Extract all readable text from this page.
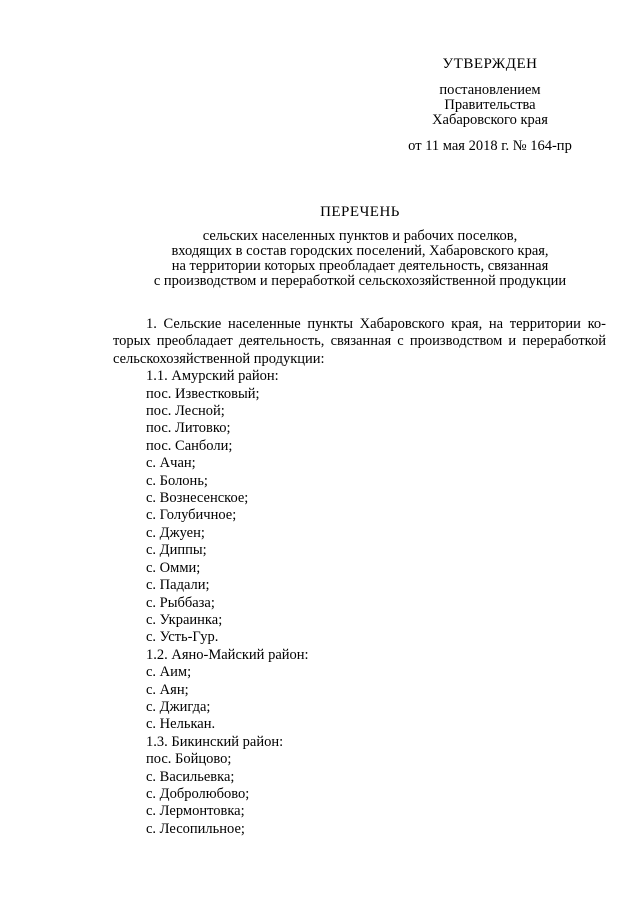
УТВЕРЖДЕН
постановлением
Правительства
Хабаровского края
от 11 мая 2018 г. № 164-пр
ПЕРЕЧЕНЬ
сельских населенных пунктов и рабочих поселков,
входящих в состав городских поселений, Хабаровского края,
на территории которых преобладает деятельность, связанная
с производством и переработкой сельскохозяйственной продукции
1. Сельские населенные пункты Хабаровского края, на территории ко-
торых преобладает деятельность, связанная с производством и переработкой
сельскохозяйственной продукции:
1.1. Амурский район:
пос. Известковый;
пос. Лесной;
пос. Литовко;
пос. Санболи;
с. Ачан;
с. Болонь;
с. Вознесенское;
с. Голубичное;
с. Джуен;
с. Диппы;
с. Омми;
с. Падали;
с. Рыббаза;
с. Украинка;
с. Усть-Гур.
1.2. Аяно-Майский район:
с. Аим;
с. Аян;
с. Джигда;
с. Нелькан.
1.3. Бикинский район:
пос. Бойцово;
с. Васильевка;
с. Добролюбово;
с. Лермонтовка;
с. Лесопильное;
